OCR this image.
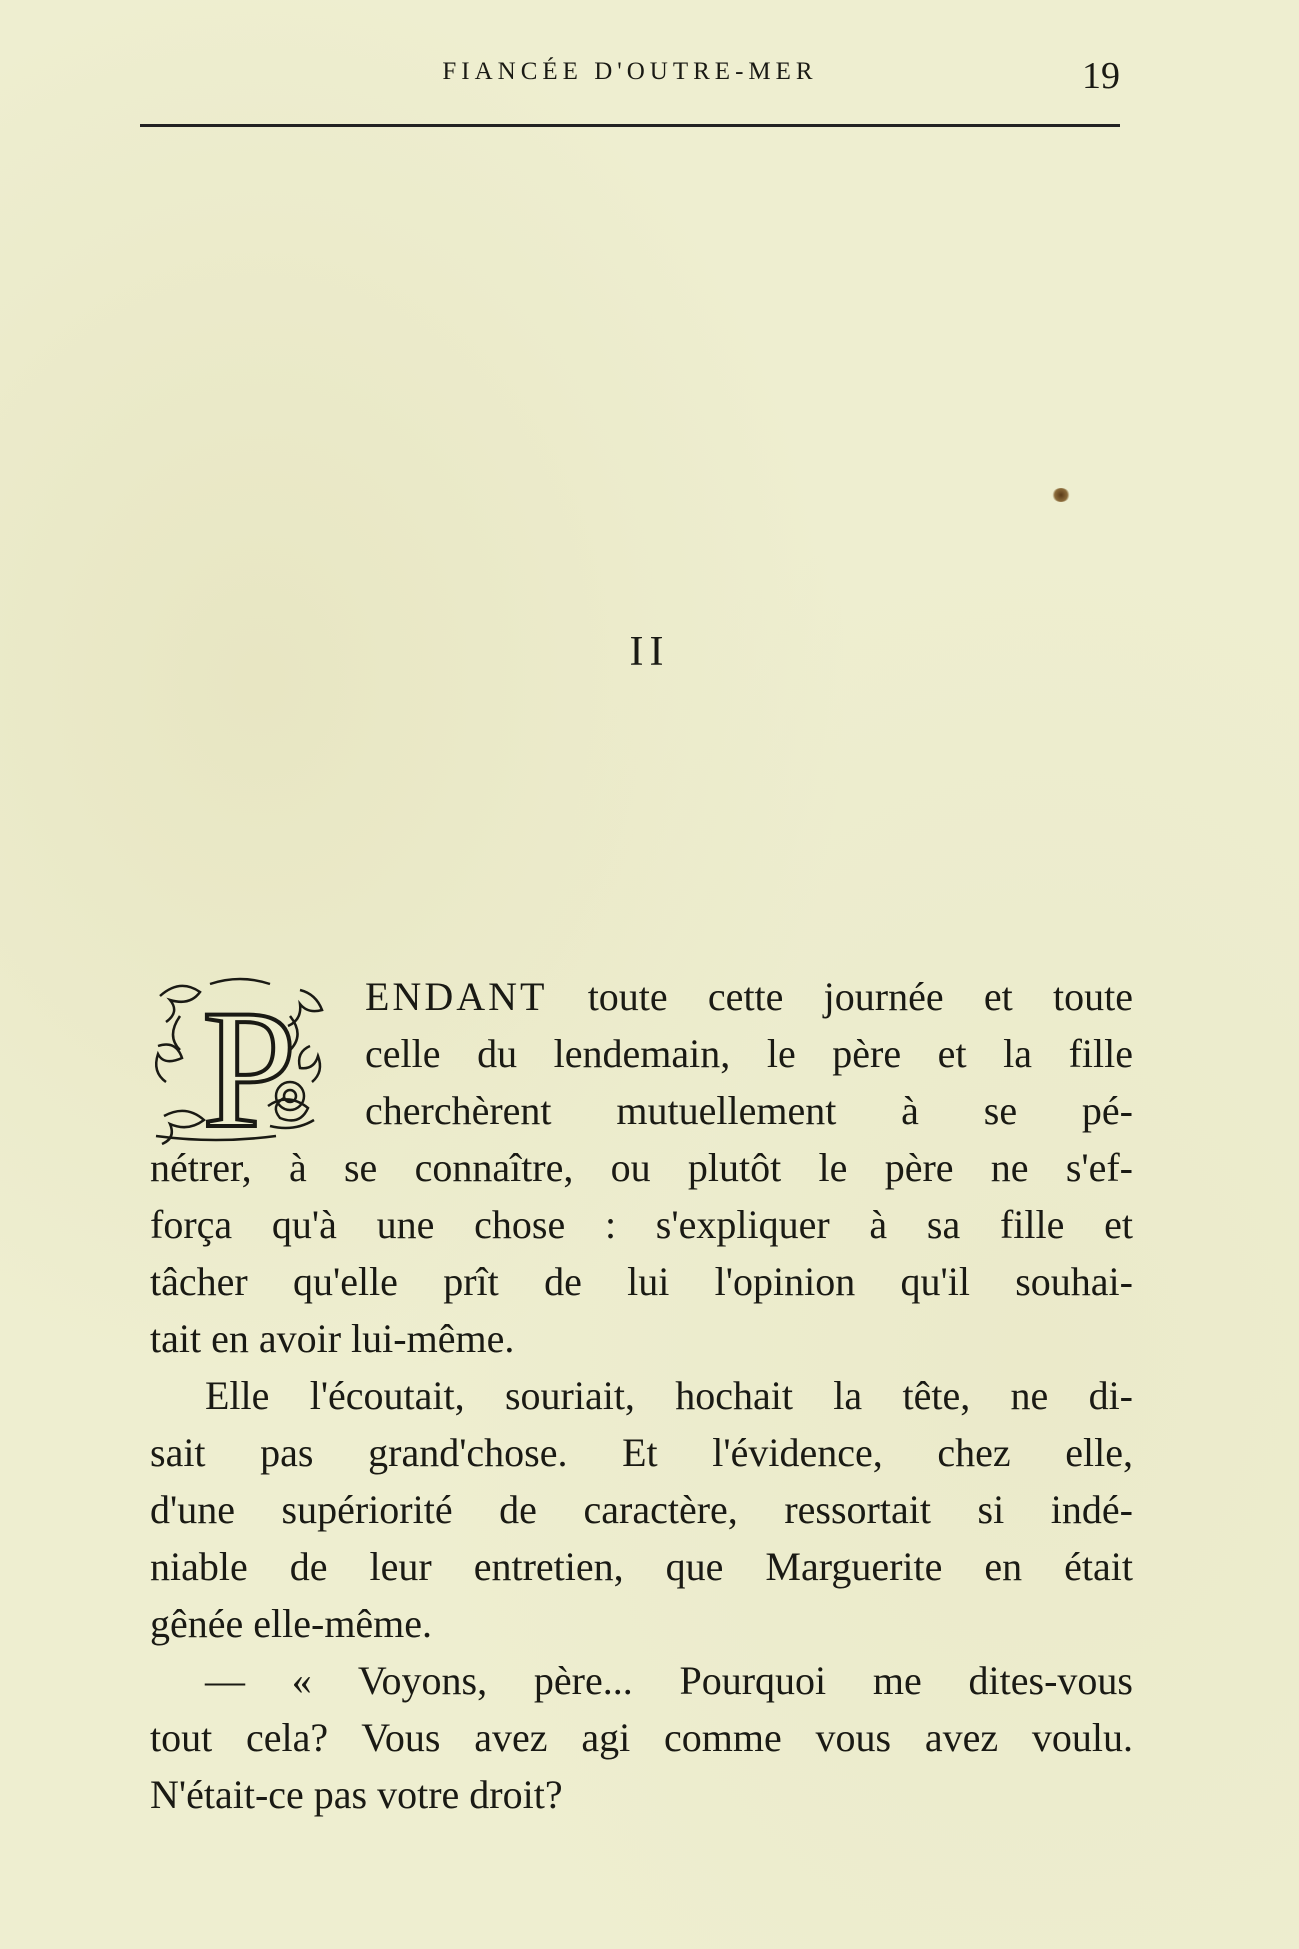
FIANCÉE D'OUTRE-MER	19
II
P	ENDANT toute cette journée et toute
celle du lendemain, le père et la fille
cherchèrent mutuellement à se pé-
nétrer, à se connaître, ou plutôt le père ne s'ef-
força qu'à une chose : s'expliquer à sa fille et
tâcher qu'elle prît de lui l'opinion qu'il souhai-
tait en avoir lui-même.
Elle l'écoutait, souriait, hochait la tête, ne di-
sait pas grand'chose. Et l'évidence, chez elle,
d'une supériorité de caractère, ressortait si indé-
niable de leur entretien, que Marguerite en était
gênée elle-même.
— « Voyons, père... Pourquoi me dites-vous
tout cela? Vous avez agi comme vous avez voulu.
N'était-ce pas votre droit?
